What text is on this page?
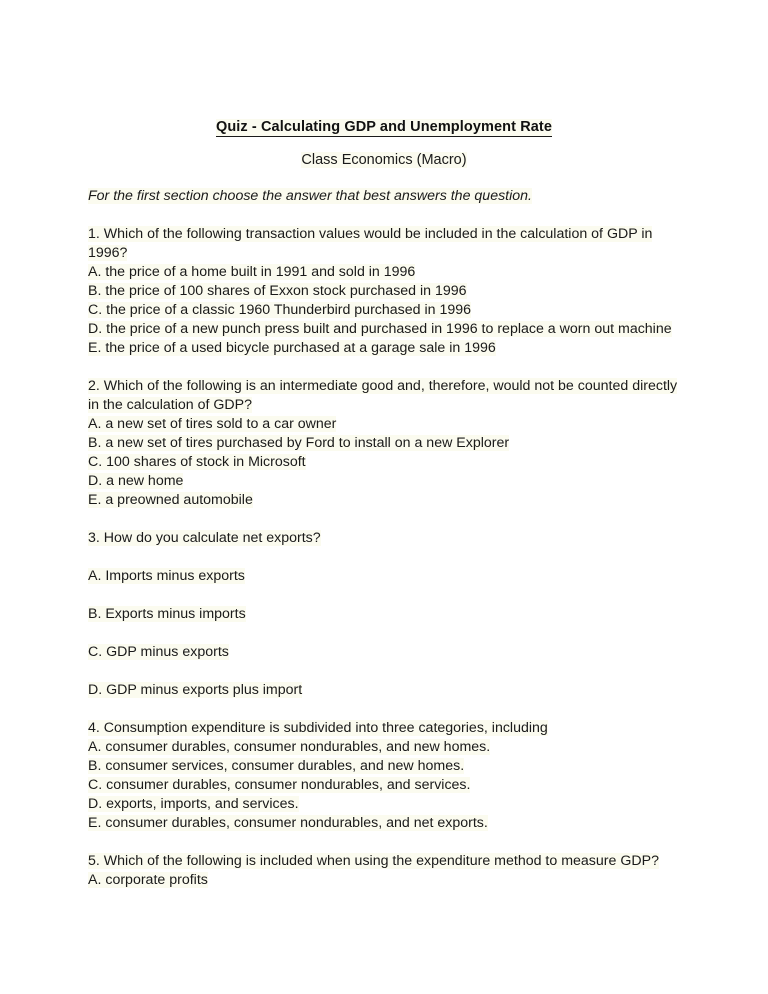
Quiz - Calculating GDP and Unemployment Rate
Class Economics (Macro)
For the first section choose the answer that best answers the question.
1. Which of the following transaction values would be included in the calculation of GDP in 1996?
A. the price of a home built in 1991 and sold in 1996
B. the price of 100 shares of Exxon stock purchased in 1996
C. the price of a classic 1960 Thunderbird purchased in 1996
D. the price of a new punch press built and purchased in 1996 to replace a worn out machine
E. the price of a used bicycle purchased at a garage sale in 1996
2. Which of the following is an intermediate good and, therefore, would not be counted directly in the calculation of GDP?
A. a new set of tires sold to a car owner
B. a new set of tires purchased by Ford to install on a new Explorer
C. 100 shares of stock in Microsoft
D. a new home
E. a preowned automobile
3. How do you calculate net exports?
A. Imports minus exports
B. Exports minus imports
C. GDP minus exports
D. GDP minus exports plus import
4. Consumption expenditure is subdivided into three categories, including
A. consumer durables, consumer nondurables, and new homes.
B. consumer services, consumer durables, and new homes.
C. consumer durables, consumer nondurables, and services.
D. exports, imports, and services.
E. consumer durables, consumer nondurables, and net exports.
5. Which of the following is included when using the expenditure method to measure GDP?
A. corporate profits
